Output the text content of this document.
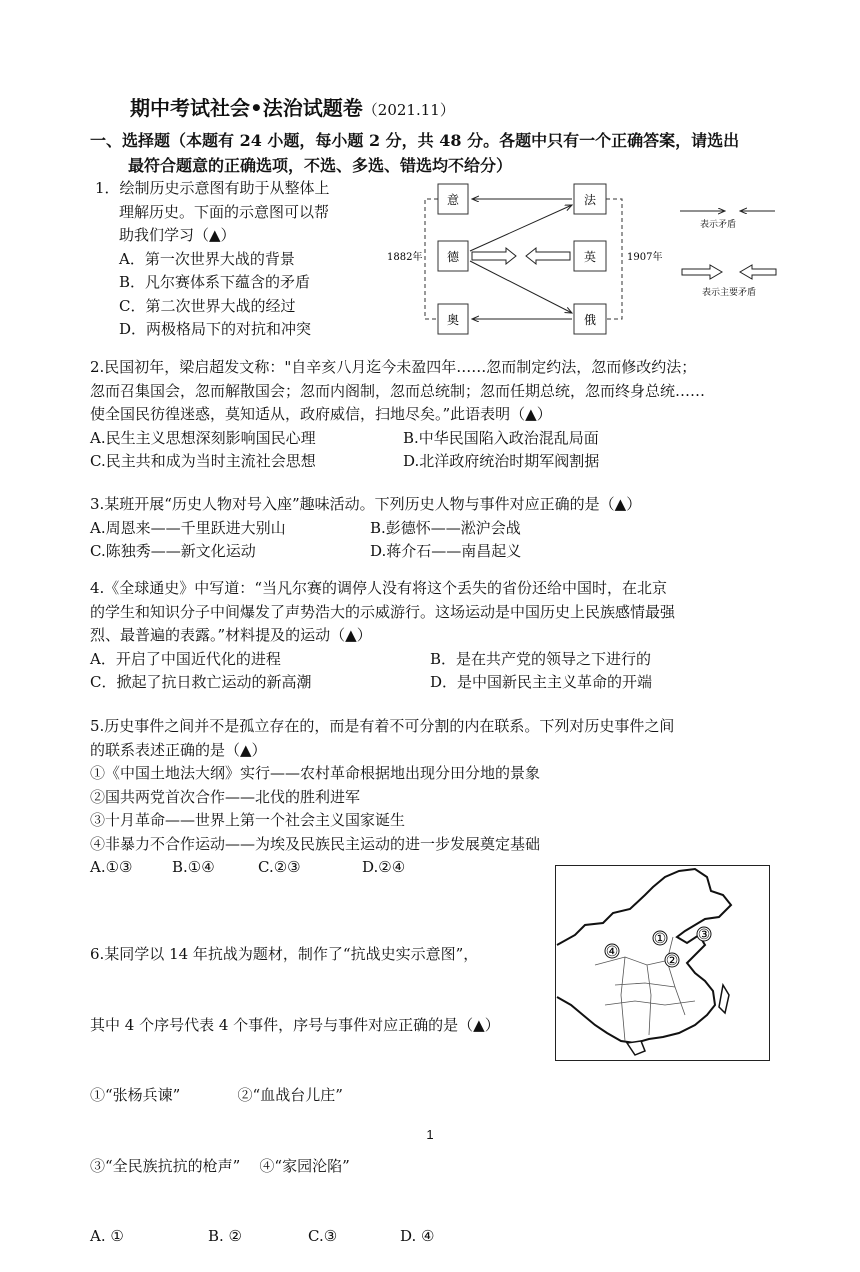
期中考试社会•法治试题卷（2021.11）
一、选择题（本题有 24 小题，每小题 2 分，共 48 分。各题中只有一个正确答案，请选出
最符合题意的正确选项，不选、多选、错选均不给分）
1．绘制历史示意图有助于从整体上
理解历史。下面的示意图可以帮
助我们学习（▲）
A．第一次世界大战的背景
B．凡尔赛体系下蕴含的矛盾
C．第二次世界大战的经过
D．两极格局下的对抗和冲突
意
德
奥
法
英
俄
1882年	1907年
表示矛盾
表示主要矛盾
2.民国初年，梁启超发文称："自辛亥八月迄今未盈四年……忽而制定约法，忽而修改约法；
忽而召集国会，忽而解散国会；忽而内阁制，忽而总统制；忽而任期总统，忽而终身总统……
使全国民彷徨迷惑，莫知适从，政府威信，扫地尽矣。”此语表明（▲）
A.民生主义思想深刻影响国民心理	B.中华民国陷入政治混乱局面
C.民主共和成为当时主流社会思想	D.北洋政府统治时期军阀割据
3.某班开展“历史人物对号入座”趣味活动。下列历史人物与事件对应正确的是（▲）
A.周恩来——千里跃进大别山	B.彭德怀——淞沪会战
C.陈独秀——新文化运动	D.蒋介石——南昌起义
4.《全球通史》中写道：“当凡尔赛的调停人没有将这个丢失的省份还给中国时，在北京
的学生和知识分子中间爆发了声势浩大的示威游行。这场运动是中国历史上民族感情最强
烈、最普遍的表露。”材料提及的运动（▲）
A．开启了中国近代化的进程	B．是在共产党的领导之下进行的
C．掀起了抗日救亡运动的新高潮	D．是中国新民主主义革命的开端
5.历史事件之间并不是孤立存在的，而是有着不可分割的内在联系。下列对历史事件之间
的联系表述正确的是（▲）
①《中国土地法大纲》实行——农村革命根据地出现分田分地的景象
②国共两党首次合作——北伐的胜利进军
③十月革命——世界上第一个社会主义国家诞生
④非暴力不合作运动——为埃及民族民主运动的进一步发展奠定基础
A.①③	B.①④	C.②③	D.②④

6.某同学以 14 年抗战为题材，制作了“抗战史实示意图”，

其中 4 个序号代表 4 个事件，序号与事件对应正确的是（▲）

①“张杨兵谏”            ②“血战台儿庄”

③“全民族抗抗的枪声”    ④“家园沦陷”

A. ①	B. ②	C.③	D. ④

①
②
③
④
1
